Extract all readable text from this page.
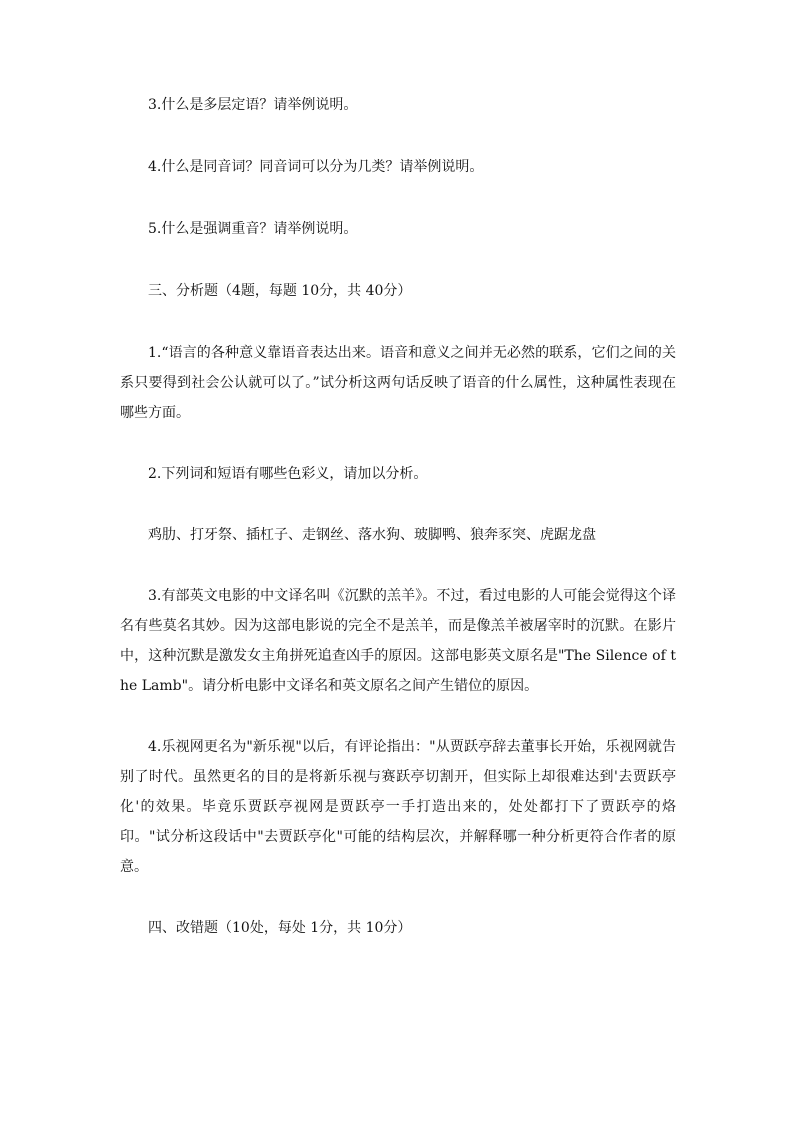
3.什么是多层定语？请举例说明。

4.什么是同音词？同音词可以分为几类？请举例说明。

5.什么是强调重音？请举例说明。

三、分析题（4题，每题 10分，共 40分）

1.“语言的各种意义靠语音表达出来。语音和意义之间并无必然的联系，它们之间的关系只要得到社会公认就可以了。”试分析这两句话反映了语音的什么属性，这种属性表现在哪些方面。

2.下列词和短语有哪些色彩义，请加以分析。

鸡肋、打牙祭、插杠子、走钢丝、落水狗、玻脚鸭、狼奔豕突、虎踞龙盘

3.有部英文电影的中文译名叫《沉默的羔羊》。不过，看过电影的人可能会觉得这个译名有些莫名其妙。因为这部电影说的完全不是羔羊，而是像羔羊被屠宰时的沉默。在影片中，这种沉默是激发女主角拼死追查凶手的原因。这部电影英文原名是"The Silence of the Lamb"。请分析电影中文译名和英文原名之间产生错位的原因。

4.乐视网更名为"新乐视"以后，有评论指出："从贾跃亭辞去董事长开始，乐视网就告别了时代。虽然更名的目的是将新乐视与赛跃亭切割开，但实际上却很难达到'去贾跃亭化'的效果。毕竟乐贾跃亭视网是贾跃亭一手打造出来的，处处都打下了贾跃亭的烙印。"试分析这段话中"去贾跃亭化"可能的结构层次，并解释哪一种分析更符合作者的原意。

四、改错题（10处，每处 1分，共 10分）
